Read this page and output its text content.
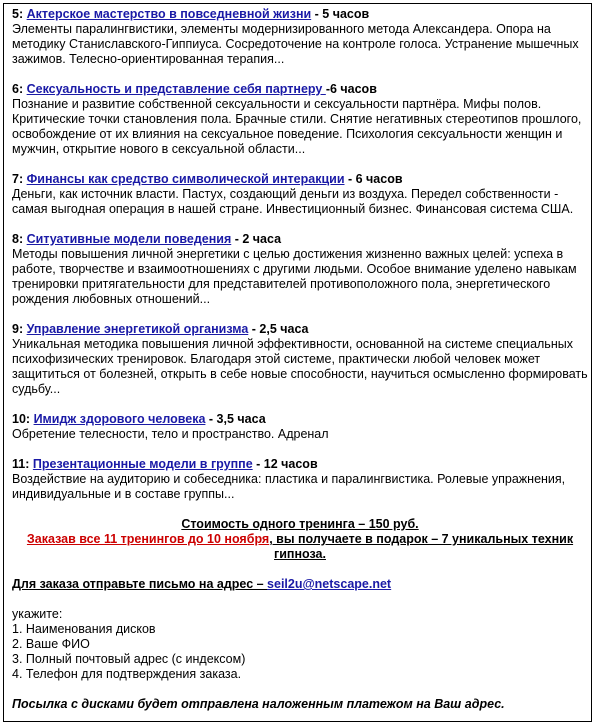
5: Актерское мастерство в повседневной жизни - 5 часов
Элементы паралингвистики, элементы модернизированного метода Александера. Опора на методику Станиславского-Гиппиуса. Сосредоточение на контроле голоса. Устранение мышечных зажимов. Телесно-ориентированная терапия...
6: Сексуальность и представление себя партнеру -6 часов
Познание и развитие собственной сексуальности и сексуальности партнёра. Мифы полов. Критические точки становления пола. Брачные стили. Снятие негативных стереотипов прошлого, освобождение от их влияния на сексуальное поведение. Психология сексуальности женщин и мужчин, открытие нового в сексуальной области...
7: Финансы как средство символической интеракции - 6 часов
Деньги, как источник власти. Пастух, создающий деньги из воздуха. Передел собственности - самая выгодная операция в нашей стране. Инвестиционный бизнес. Финансовая система США.
8: Ситуативные модели поведения - 2 часа
Методы повышения личной энергетики с целью достижения жизненно важных целей: успеха в работе, творчестве и взаимоотношениях с другими людьми. Особое внимание уделено навыкам тренировки притягательности для представителей противоположного пола, энергетического рождения любовных отношений...
9: Управление энергетикой организма - 2,5 часа
Уникальная методика повышения личной эффективности, основанной на системе специальных психофизических тренировок. Благодаря этой системе, практически любой человек может защититься от болезней, открыть в себе новые способности, научиться осмысленно формировать судьбу...
10: Имидж здорового человека - 3,5 часа
Обретение телесности, тело и пространство. Адренал
11: Презентационные модели в группе - 12 часов
Воздействие на аудиторию и собеседника: пластика и паралингвистика. Ролевые упражнения, индивидуальные и в составе группы...
Стоимость одного тренинга – 150 руб.
Заказав все 11 тренингов до 10 ноября, вы получаете в подарок – 7 уникальных техник гипноза.
Для заказа отправьте письмо на адрес – seil2u@netscape.net
укажите:
1. Наименования дисков
2. Ваше ФИО
3. Полный почтовый адрес (с индексом)
4. Телефон для подтверждения заказа.
Посылка с дисками будет отправлена наложенным платежом на Ваш адрес.
